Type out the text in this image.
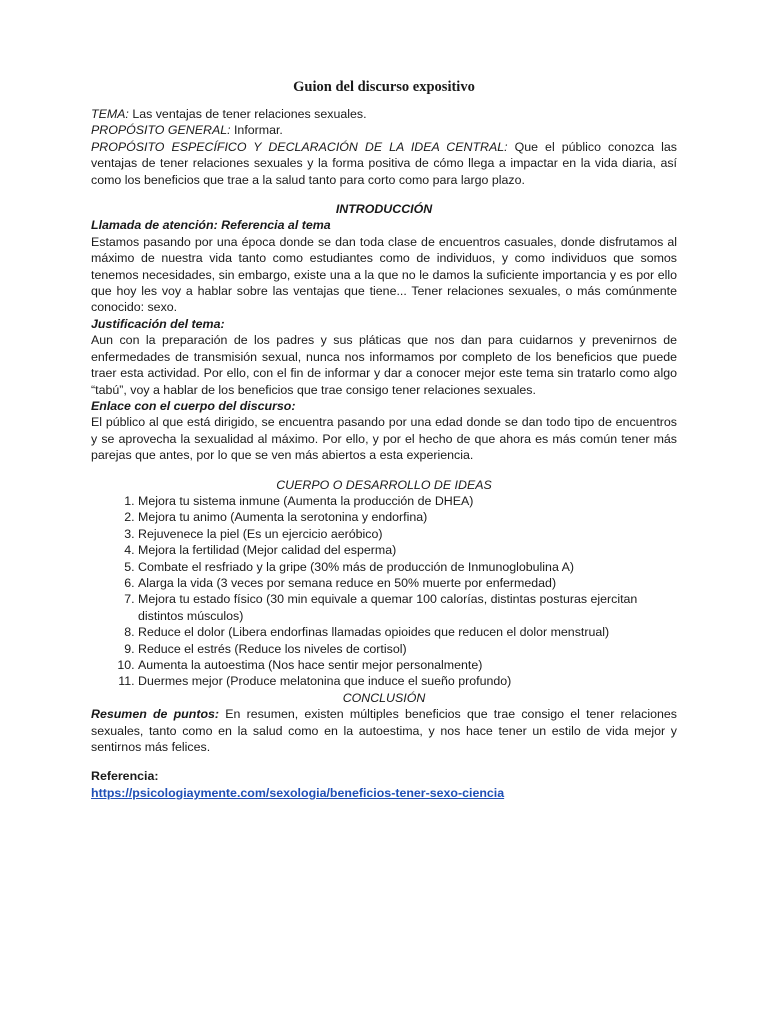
Guion del discurso expositivo

TEMA: Las ventajas de tener relaciones sexuales.

PROPÓSITO GENERAL: Informar.

PROPÓSITO ESPECÍFICO Y DECLARACIÓN DE LA IDEA CENTRAL: Que el público conozca las ventajas de tener relaciones sexuales y la forma positiva de cómo llega a impactar en la vida diaria, así como los beneficios que trae a la salud tanto para corto como para largo plazo.

INTRODUCCIÓN

Llamada de atención: Referencia al tema

Estamos pasando por una época donde se dan toda clase de encuentros casuales, donde disfrutamos al máximo de nuestra vida tanto como estudiantes como de individuos, y como individuos que somos tenemos necesidades, sin embargo, existe una a la que no le damos la suficiente importancia y es por ello que hoy les voy a hablar sobre las ventajas que tiene... Tener relaciones sexuales, o más comúnmente conocido: sexo.

Justificación del tema:

Aun con la preparación de los padres y sus pláticas que nos dan para cuidarnos y prevenirnos de enfermedades de transmisión sexual, nunca nos informamos por completo de los beneficios que puede traer esta actividad. Por ello, con el fin de informar y dar a conocer mejor este tema sin tratarlo como algo “tabú”, voy a hablar de los beneficios que trae consigo tener relaciones sexuales.

Enlace con el cuerpo del discurso:

El público al que está dirigido, se encuentra pasando por una edad donde se dan todo tipo de encuentros y se aprovecha la sexualidad al máximo. Por ello, y por el hecho de que ahora es más común tener más parejas que antes, por lo que se ven más abiertos a esta experiencia.

CUERPO O DESARROLLO DE IDEAS

1. Mejora tu sistema inmune (Aumenta la producción de DHEA)
2. Mejora tu animo (Aumenta la serotonina y endorfina)
3. Rejuvenece la piel (Es un ejercicio aeróbico)
4. Mejora la fertilidad (Mejor calidad del esperma)
5. Combate el resfriado y la gripe (30% más de producción de Inmunoglobulina A)
6. Alarga la vida (3 veces por semana reduce en 50% muerte por enfermedad)
7. Mejora tu estado físico (30 min equivale a quemar 100 calorías, distintas posturas ejercitan distintos músculos)
8. Reduce el dolor (Libera endorfinas llamadas opioides que reducen el dolor menstrual)
9. Reduce el estrés (Reduce los niveles de cortisol)
10. Aumenta la autoestima (Nos hace sentir mejor personalmente)
11. Duermes mejor (Produce melatonina que induce el sueño profundo)

CONCLUSIÓN

Resumen de puntos: En resumen, existen múltiples beneficios que trae consigo el tener relaciones sexuales, tanto como en la salud como en la autoestima, y nos hace tener un estilo de vida mejor y sentirnos más felices.

Referencia:

https://psicologiaymente.com/sexologia/beneficios-tener-sexo-ciencia
